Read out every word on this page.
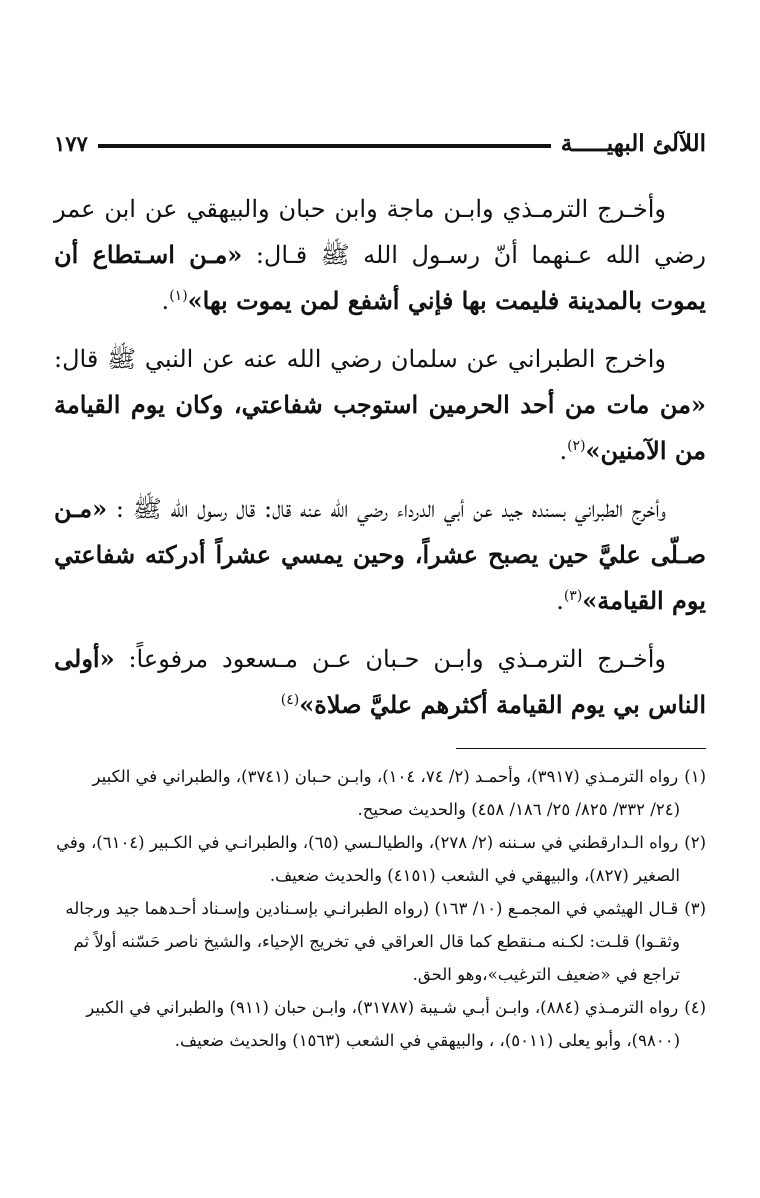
اللآلئ البهيـــــة
١٧٧

وأخـرج الترمـذي وابـن ماجة وابن حبان والبيهقي عن ابن عمر رضي الله عـنهما أنّ رسـول الله ﷺ قـال: «مـن اسـتطاع أن يموت بالمدينة فليمت بها فإني أشفع لمن يموت بها»$^{(١)}$.

واخرج الطبراني عن سلمان رضي الله عنه عن النبي ﷺ قال: «من مات من أحد الحرمين استوجب شفاعتي، وكان يوم القيامة من الآمنين»$^{(٢)}$.

وأخرج الطبراني بسنده جيد عن أبي الدرداء رضي الله عنه قال: قال رسول الله ﷺ : «مـن صـلّى عليَّ حين يصبح عشراً، وحين يمسي عشراً أدركته شفاعتي يوم القيامة»$^{(٣)}$.

وأخـرج الترمـذي وابـن حـبان عـن مـسعود مرفوعاً: «أولى الناس بي يوم القيامة أكثرهم عليَّ صلاة»$^{(٤)}$

(١)رواه الترمـذي (٣٩١٧)، وأحمـد (٢/ ٧٤، ١٠٤)، وابـن حـبان (٣٧٤١)، والطبراني في الكبير
(٢٤/ ٣٣٢/ ٨٢٥/ ٢٥/ ١٨٦/ ٤٥٨) والحديث صحيح.

(٢)رواه الـدارقطني في سـننه (٢/ ٢٧٨)، والطيالـسي (٦٥)، والطبرانـي في الكـبير (٦١٠٤)، وفي
الصغير (٨٢٧)، والبيهقي في الشعب (٤١٥١) والحديث ضعيف.

(٣)قـال الهيثمي في المجمـع (١٠/ ١٦٣) (رواه الطبرانـي بإسـنادين وإسـناد أحـدهما جيد ورجاله
وثقـوا) قلـت: لكـنه مـنقطع كما قال العراقي في تخريج الإحياء، والشيخ ناصر حَسّنه أولاً ثم
تراجع في «ضعيف الترغيب»،وهو الحق.

(٤)رواه الترمـذي (٨٨٤)، وابـن أبـي شـيبة (٣١٧٨٧)، وابـن حبان (٩١١) والطبراني في الكبير
(٩٨٠٠)، وأبو يعلى (٥٠١١)، ، والبيهقي في الشعب (١٥٦٣) والحديث ضعيف.
